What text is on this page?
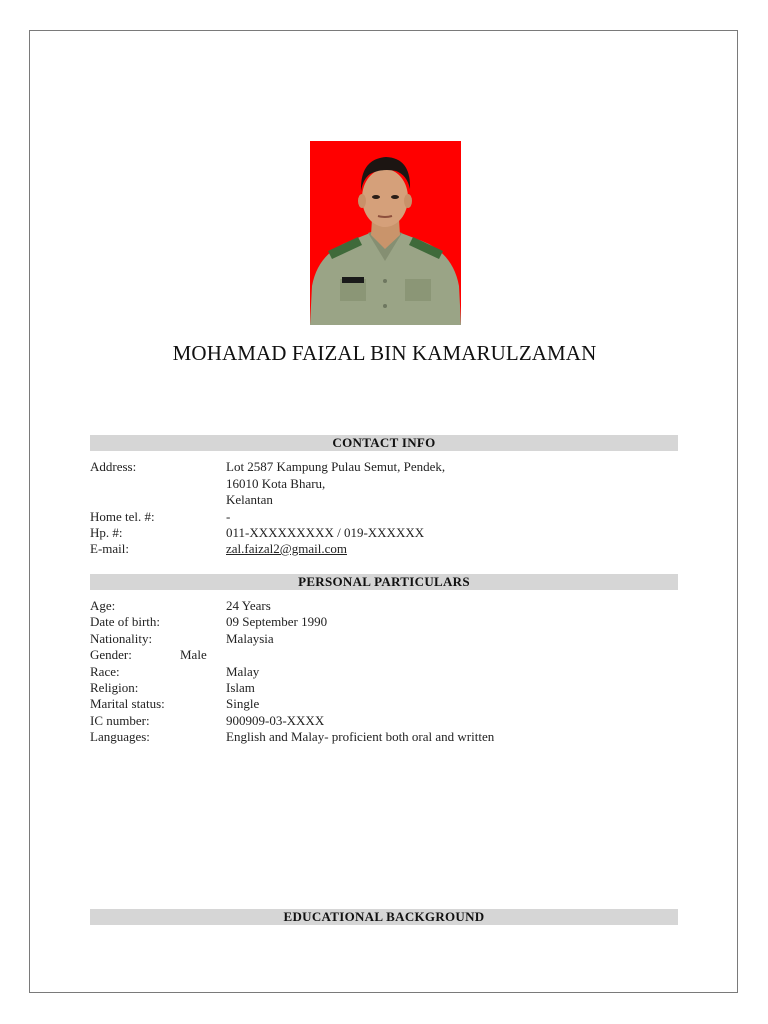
MOHAMAD FAIZAL BIN KAMARULZAMAN
CONTACT INFO
Address:	Lot 2587 Kampung Pulau Semut, Pendek,
16010 Kota Bharu,
Kelantan
Home tel. #:	-
Hp. #:	011-XXXXXXXXX / 019-XXXXXX
E-mail:	zal.faizal2@gmail.com
PERSONAL PARTICULARS
Age:	24 Years
Date of birth:	09 September 1990
Nationality:	Malaysia
Gender:	Male
Race:	Malay
Religion:	Islam
Marital status:	Single
IC number:	900909-03-XXXX
Languages:	English and Malay- proficient both oral and written
EDUCATIONAL BACKGROUND
